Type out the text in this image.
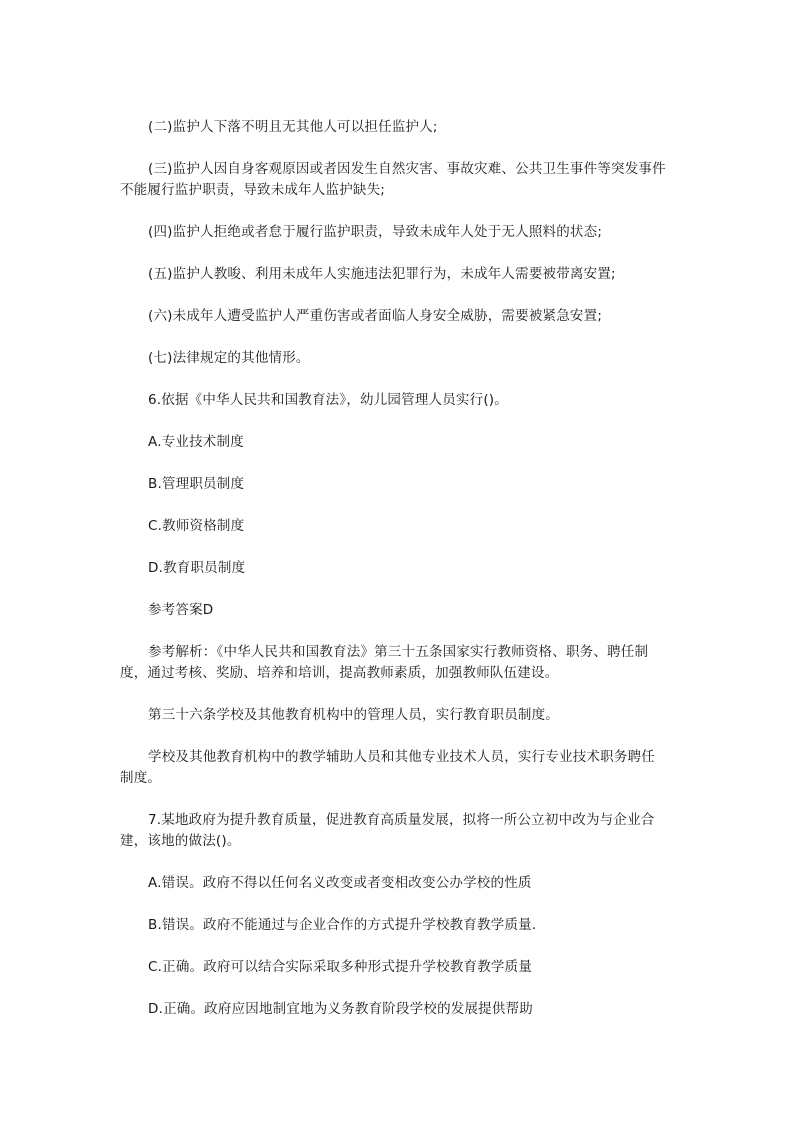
(二)监护人下落不明且无其他人可以担任监护人;

(三)监护人因自身客观原因或者因发生自然灾害、事故灾难、公共卫生事件等突发事件不能履行监护职责，导致未成年人监护缺失;

(四)监护人拒绝或者怠于履行监护职责，导致未成年人处于无人照料的状态;

(五)监护人教唆、利用未成年人实施违法犯罪行为，未成年人需要被带离安置;

(六)未成年人遭受监护人严重伤害或者面临人身安全威胁，需要被紧急安置;

(七)法律规定的其他情形。

6.依据《中华人民共和国教育法》，幼儿园管理人员实行()。

A.专业技术制度

B.管理职员制度

C.教师资格制度

D.教育职员制度

参考答案D

参考解析：《中华人民共和国教育法》第三十五条国家实行教师资格、职务、聘任制度，通过考核、奖励、培养和培训，提高教师素质，加强教师队伍建设。

第三十六条学校及其他教育机构中的管理人员，实行教育职员制度。

学校及其他教育机构中的教学辅助人员和其他专业技术人员，实行专业技术职务聘任制度。

7.某地政府为提升教育质量，促进教育高质量发展，拟将一所公立初中改为与企业合建，该地的做法()。

A.错误。政府不得以任何名义改变或者变相改变公办学校的性质

B.错误。政府不能通过与企业合作的方式提升学校教育教学质量.

C.正确。政府可以结合实际采取多种形式提升学校教育教学质量

D.正确。政府应因地制宜地为义务教育阶段学校的发展提供帮助
